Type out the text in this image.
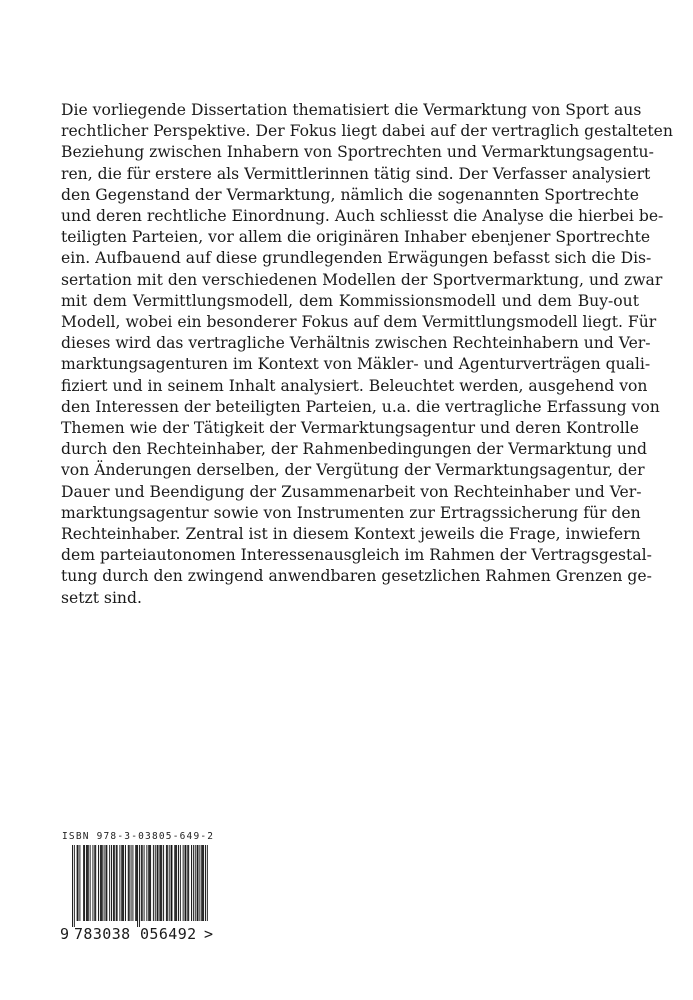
Die vorliegende Dissertation thematisiert die Vermarktung von Sport aus
rechtlicher Perspektive. Der Fokus liegt dabei auf der vertraglich gestalteten
Beziehung zwischen Inhabern von Sportrechten und Vermarktungsagentu-
ren, die für erstere als Vermittlerinnen tätig sind. Der Verfasser analysiert
den Gegenstand der Vermarktung, nämlich die sogenannten Sportrechte
und deren rechtliche Einordnung. Auch schliesst die Analyse die hierbei be-
teiligten Parteien, vor allem die originären Inhaber ebenjener Sportrechte
ein. Aufbauend auf diese grundlegenden Erwägungen befasst sich die Dis-
sertation mit den verschiedenen Modellen der Sportvermarktung, und zwar
mit dem Vermittlungsmodell, dem Kommissionsmodell und dem Buy-out
Modell, wobei ein besonderer Fokus auf dem Vermittlungsmodell liegt. Für
dieses wird das vertragliche Verhältnis zwischen Rechteinhabern und Ver-
marktungsagenturen im Kontext von Mäkler- und Agenturverträgen quali-
fiziert und in seinem Inhalt analysiert. Beleuchtet werden, ausgehend von
den Interessen der beteiligten Parteien, u.a. die vertragliche Erfassung von
Themen wie der Tätigkeit der Vermarktungsagentur und deren Kontrolle
durch den Rechteinhaber, der Rahmenbedingungen der Vermarktung und
von Änderungen derselben, der Vergütung der Vermarktungsagentur, der
Dauer und Beendigung der Zusammenarbeit von Rechteinhaber und Ver-
marktungsagentur sowie von Instrumenten zur Ertragssicherung für den
Rechteinhaber. Zentral ist in diesem Kontext jeweils die Frage, inwiefern
dem parteiautonomen Interessenausgleich im Rahmen der Vertragsgestal-
tung durch den zwingend anwendbaren gesetzlichen Rahmen Grenzen ge-
setzt sind.
ISBN 978-3-03805-649-2
9 783038 056492 >
